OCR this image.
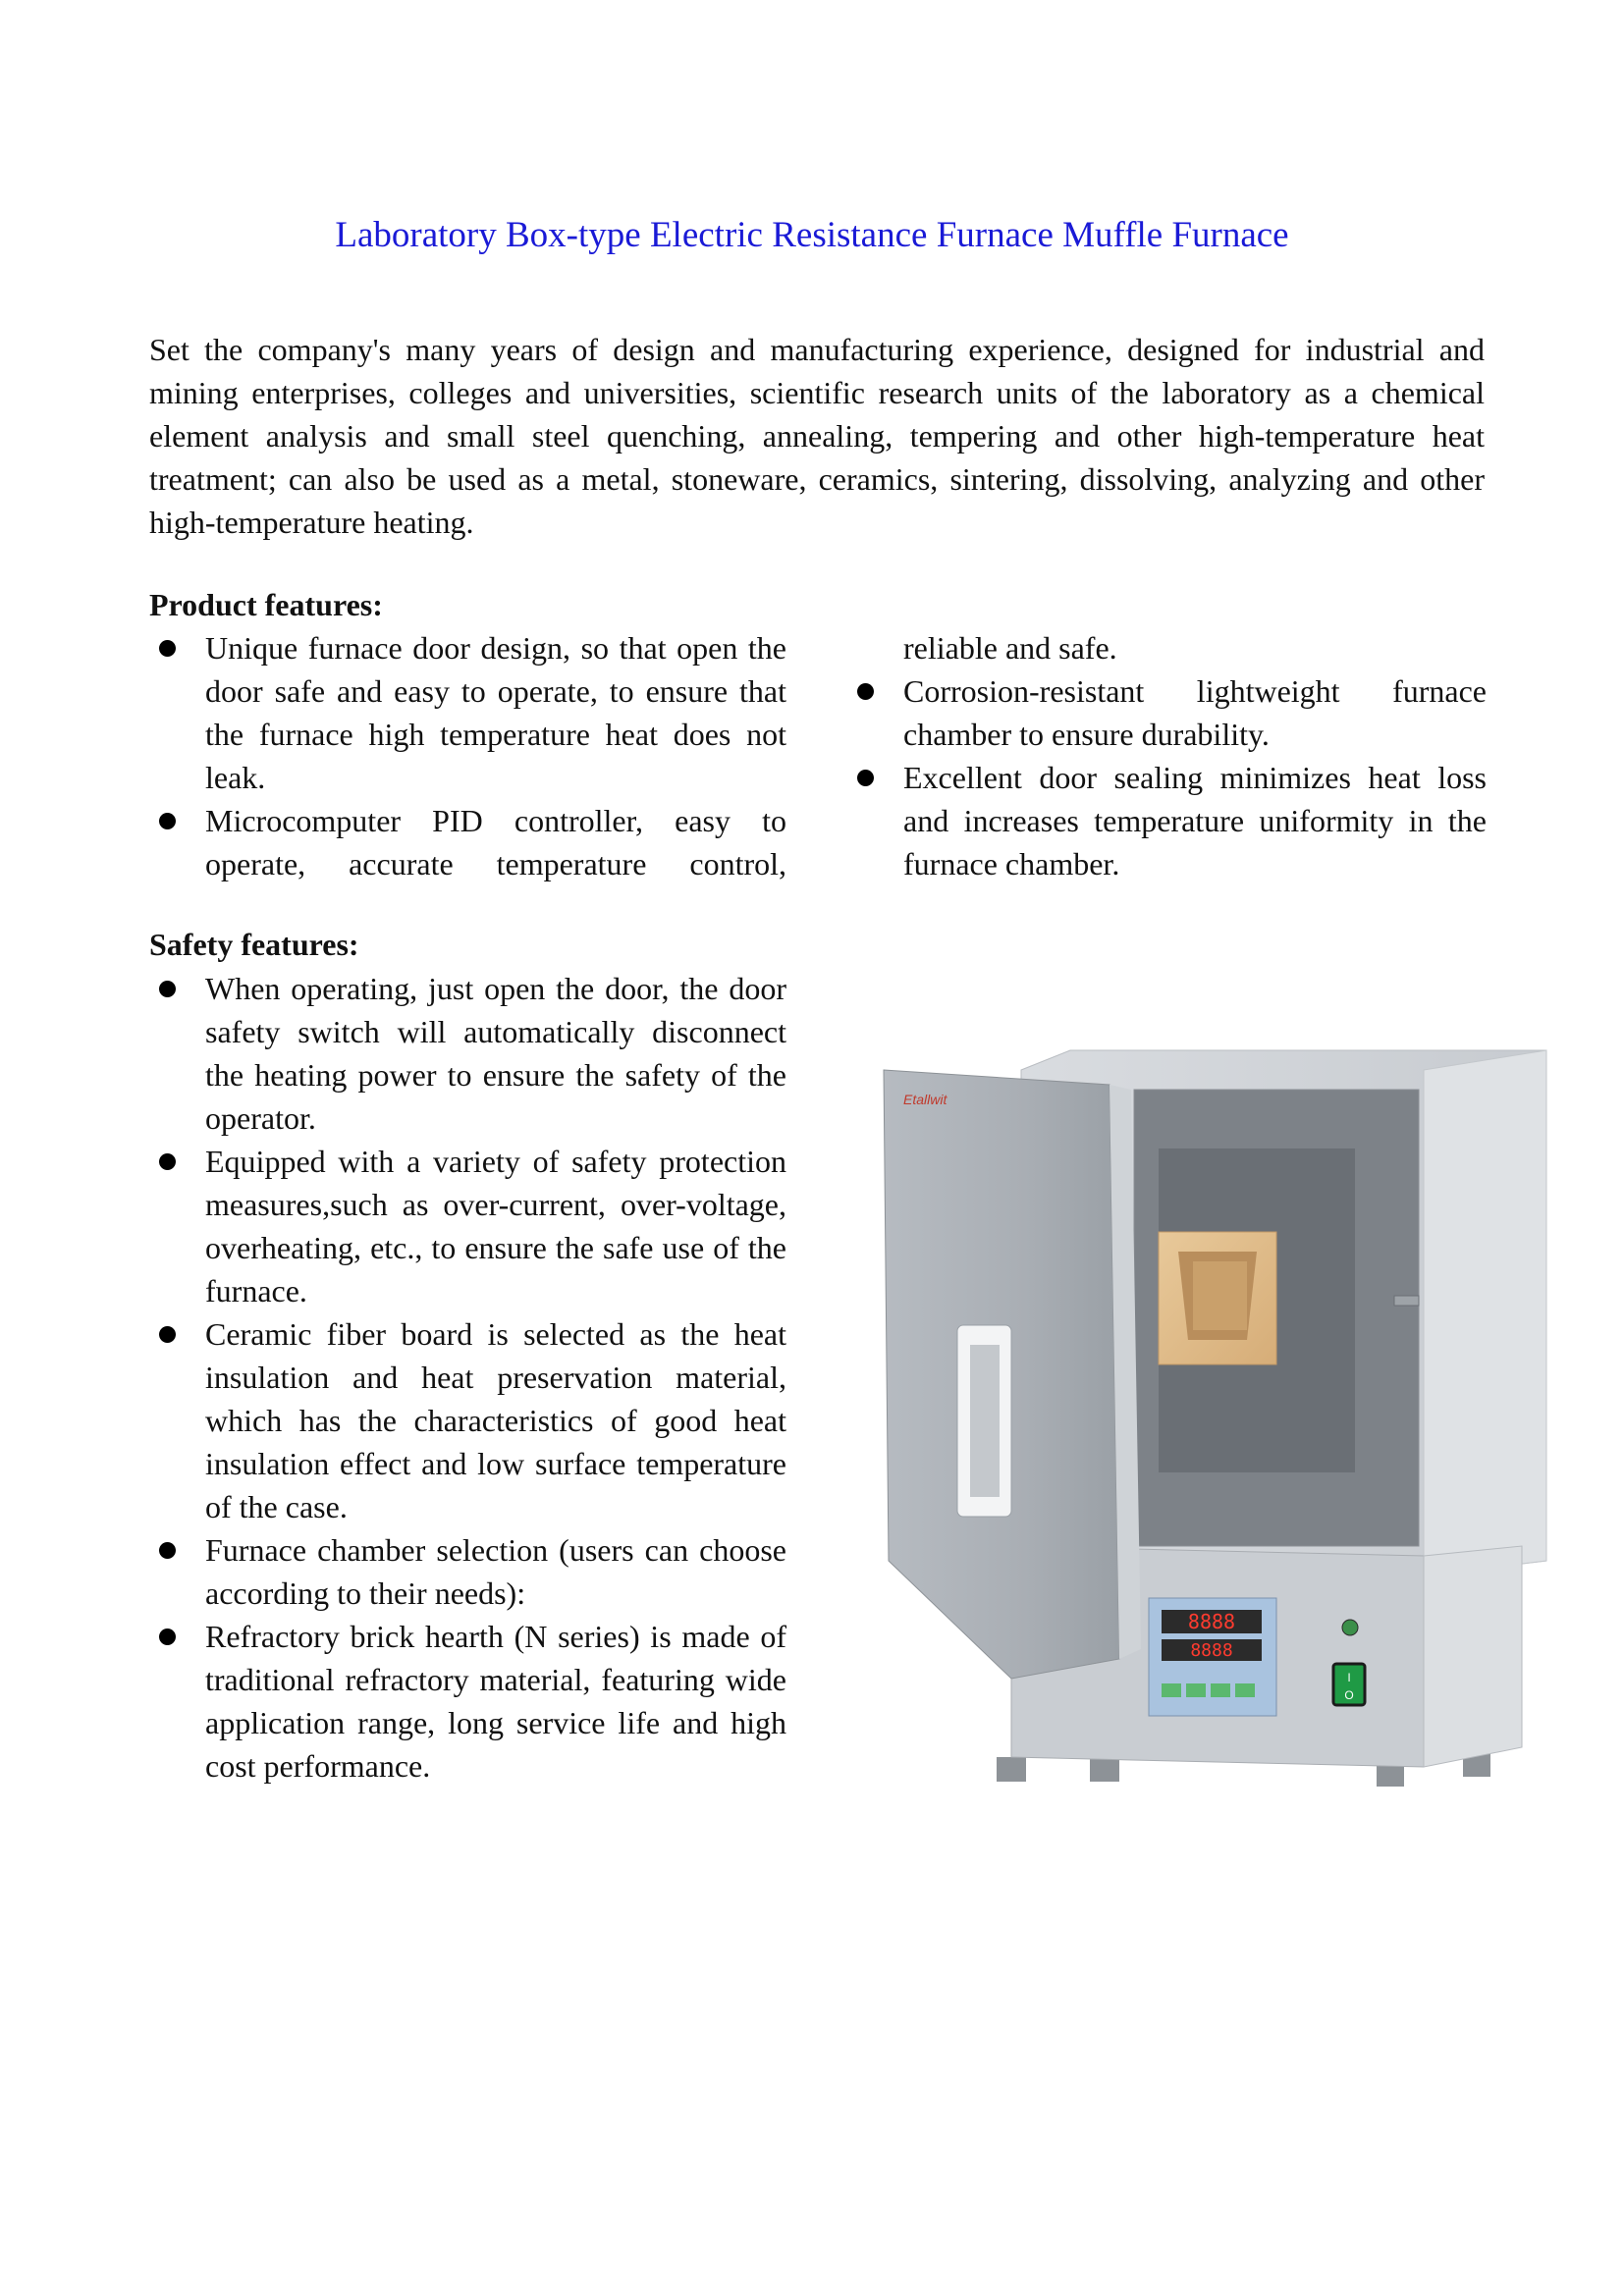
Laboratory Box-type Electric Resistance Furnace Muffle Furnace
Set the company's many years of design and manufacturing experience, designed for industrial and mining enterprises, colleges and universities, scientific research units of the laboratory as a chemical element analysis and small steel quenching, annealing, tempering and other high-temperature heat treatment; can also be used as a metal, stoneware, ceramics, sintering, dissolving, analyzing and other high-temperature heating.
Product features:
Unique furnace door design, so that open the door safe and easy to operate, to ensure that the furnace high temperature heat does not leak.
Microcomputer PID controller, easy to operate, accurate temperature control,
reliable and safe.
Corrosion-resistant lightweight furnace chamber to ensure durability.
Excellent door sealing minimizes heat loss and increases temperature uniformity in the furnace chamber.
Safety features:
When operating, just open the door, the door safety switch will automatically disconnect the heating power to ensure the safety of the operator.
Equipped with a variety of safety protection measures,such as over-current, over-voltage, overheating, etc., to ensure the safe use of the furnace.
Ceramic fiber board is selected as the heat insulation and heat preservation material, which has the characteristics of good heat insulation effect and low surface temperature of the case.
Furnace chamber selection (users can choose according to their needs):
Refractory brick hearth (N series) is made of traditional refractory material, featuring wide application range, long service life and high cost performance.
Etallwit
8888
8888
I
O
